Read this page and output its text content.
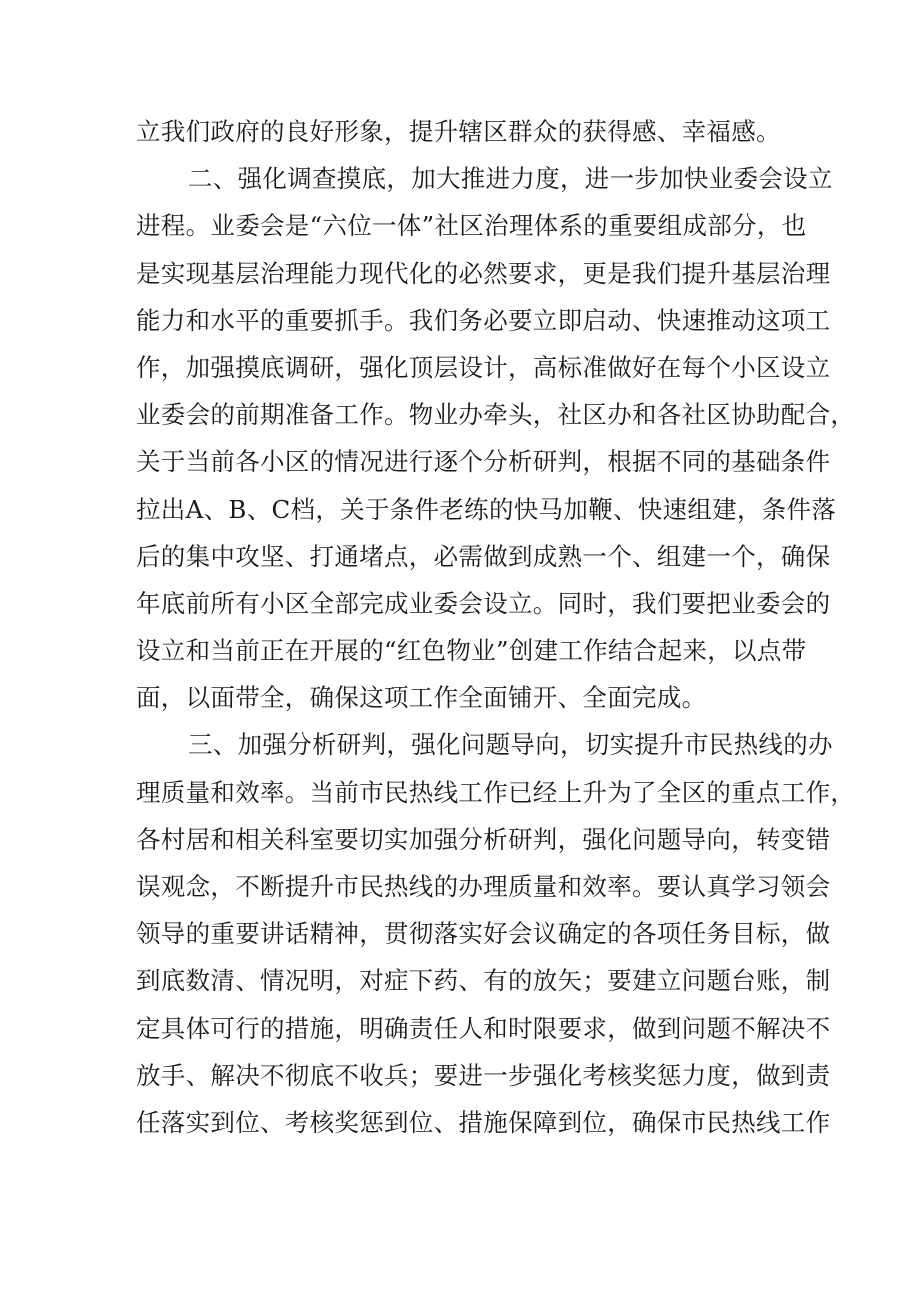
立我们政府的良好形象，提升辖区群众的获得感、幸福感。
二、强化调查摸底，加大推进力度，进一步加快业委会设立
进程。业委会是“六位一体”社区治理体系的重要组成部分，也
是实现基层治理能力现代化的必然要求，更是我们提升基层治理
能力和水平的重要抓手。我们务必要立即启动、快速推动这项工
作，加强摸底调研，强化顶层设计，高标准做好在每个小区设立
业委会的前期准备工作。物业办牵头，社区办和各社区协助配合，
关于当前各小区的情况进行逐个分析研判，根据不同的基础条件
拉出A、B、C档，关于条件老练的快马加鞭、快速组建，条件落
后的集中攻坚、打通堵点，必需做到成熟一个、组建一个，确保
年底前所有小区全部完成业委会设立。同时，我们要把业委会的
设立和当前正在开展的“红色物业”创建工作结合起来，以点带
面，以面带全，确保这项工作全面铺开、全面完成。
三、加强分析研判，强化问题导向，切实提升市民热线的办
理质量和效率。当前市民热线工作已经上升为了全区的重点工作，
各村居和相关科室要切实加强分析研判，强化问题导向，转变错
误观念，不断提升市民热线的办理质量和效率。要认真学习领会
领导的重要讲话精神，贯彻落实好会议确定的各项任务目标，做
到底数清、情况明，对症下药、有的放矢；要建立问题台账，制
定具体可行的措施，明确责任人和时限要求，做到问题不解决不
放手、解决不彻底不收兵；要进一步强化考核奖惩力度，做到责
任落实到位、考核奖惩到位、措施保障到位，确保市民热线工作
